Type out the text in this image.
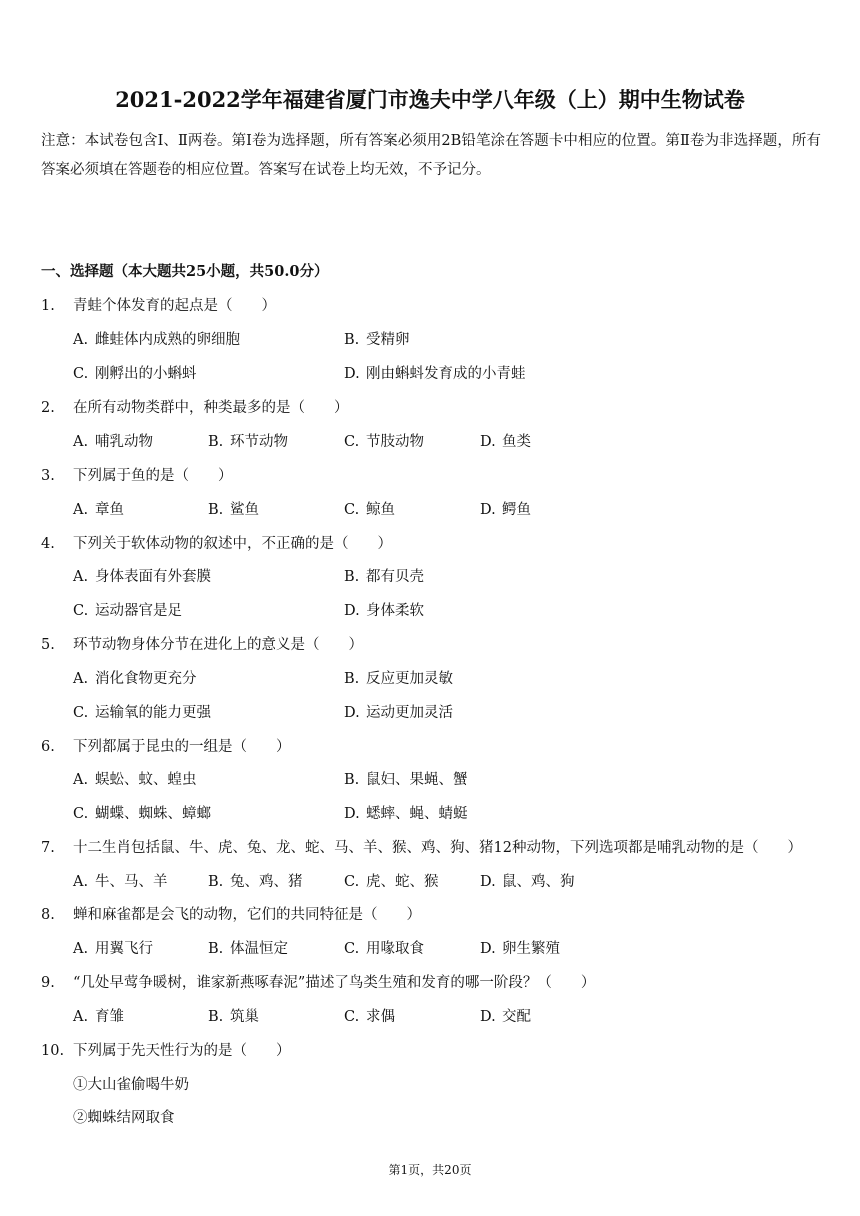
2021-2022学年福建省厦门市逸夫中学八年级（上）期中生物试卷
注意：本试卷包含Ⅰ、Ⅱ两卷。第Ⅰ卷为选择题，所有答案必须用2B铅笔涂在答题卡中相应的位置。第Ⅱ卷为非选择题，所有答案必须填在答题卷的相应位置。答案写在试卷上均无效，不予记分。
一、选择题（本大题共25小题，共50.0分）
1. 青蛙个体发育的起点是（　　）
A. 雌蛙体内成熟的卵细胞	B. 受精卵
C. 刚孵出的小蝌蚪	D. 刚由蝌蚪发育成的小青蛙
2. 在所有动物类群中，种类最多的是（　　）
A. 哺乳动物	B. 环节动物	C. 节肢动物	D. 鱼类
3. 下列属于鱼的是（　　）
A. 章鱼	B. 鲨鱼	C. 鲸鱼	D. 鳄鱼
4. 下列关于软体动物的叙述中，不正确的是（　　）
A. 身体表面有外套膜	B. 都有贝壳
C. 运动器官是足	D. 身体柔软
5. 环节动物身体分节在进化上的意义是（　　）
A. 消化食物更充分	B. 反应更加灵敏
C. 运输氧的能力更强	D. 运动更加灵活
6. 下列都属于昆虫的一组是（　　）
A. 蜈蚣、蚊、蝗虫	B. 鼠妇、果蝇、蟹
C. 蝴蝶、蜘蛛、蟑螂	D. 蟋蟀、蝇、蜻蜓
7. 十二生肖包括鼠、牛、虎、兔、龙、蛇、马、羊、猴、鸡、狗、猪12种动物，下列选项都是哺乳动物的是（　　）
A. 牛、马、羊	B. 兔、鸡、猪	C. 虎、蛇、猴	D. 鼠、鸡、狗
8. 蝉和麻雀都是会飞的动物，它们的共同特征是（　　）
A. 用翼飞行	B. 体温恒定	C. 用喙取食	D. 卵生繁殖
9. “几处早莺争暖树，谁家新燕啄春泥”描述了鸟类生殖和发育的哪一阶段？（　　）
A. 育雏	B. 筑巢	C. 求偶	D. 交配
10. 下列属于先天性行为的是（　　）
①大山雀偷喝牛奶
②蜘蛛结网取食
第1页，共20页
